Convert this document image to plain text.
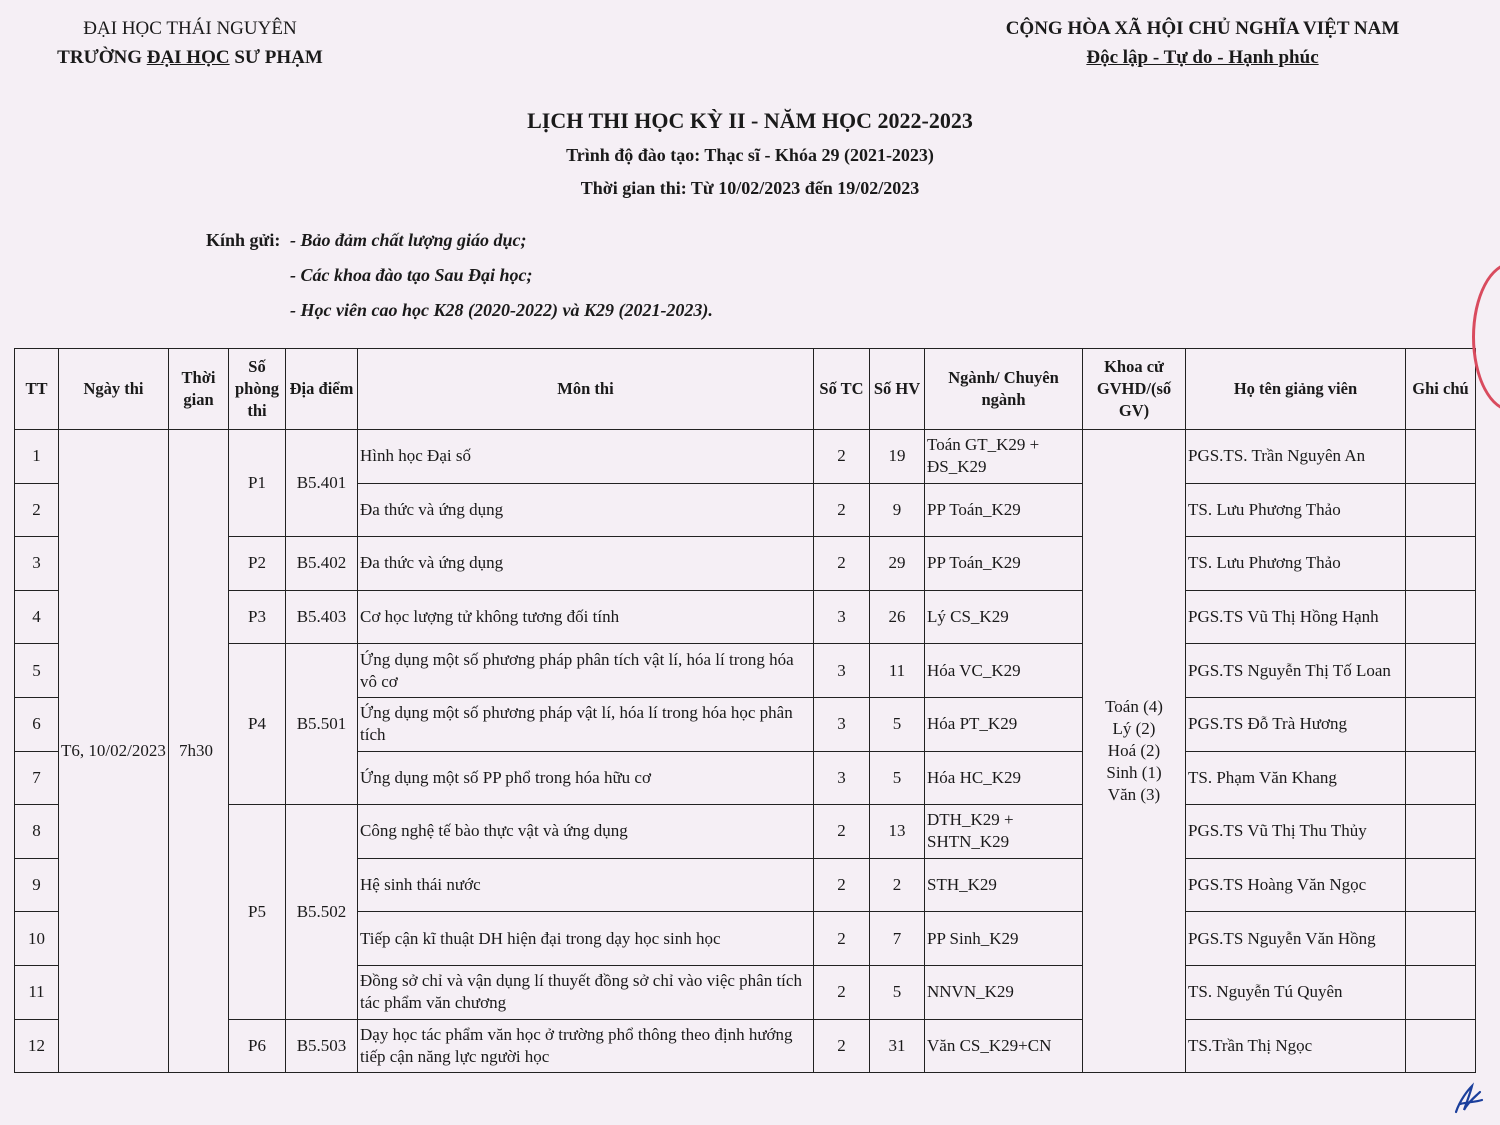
ĐẠI HỌC THÁI NGUYÊN
TRƯỜNG ĐẠI HỌC SƯ PHẠM
CỘNG HÒA XÃ HỘI CHỦ NGHĨA VIỆT NAM
Độc lập - Tự do - Hạnh phúc
LỊCH THI HỌC KỲ II - NĂM HỌC 2022-2023
Trình độ đào tạo: Thạc sĩ - Khóa 29 (2021-2023)
Thời gian thi: Từ 10/02/2023 đến 19/02/2023
Kính gửi: - Bảo đảm chất lượng giáo dục;
- Các khoa đào tạo Sau Đại học;
- Học viên cao học K28 (2020-2022) và K29 (2021-2023).
TT	Ngày thi	Thời gian	Số phòng thi	Địa điểm	Môn thi	Số TC	Số HV	Ngành/ Chuyên ngành	Khoa cử GVHD/(số GV)	Họ tên giảng viên	Ghi chú
1	T6, 10/02/2023	7h30	P1	B5.401	Hình học Đại số	2	19	Toán GT_K29 + ĐS_K29	Toán (4)
Lý (2)
Hoá (2)
Sinh (1)
Văn (3)	PGS.TS. Trần Nguyên An	
2					Đa thức và ứng dụng	2	9	PP Toán_K29		TS. Lưu Phương Thảo	
3			P2	B5.402	Đa thức và ứng dụng	2	29	PP Toán_K29		TS. Lưu Phương Thảo	
4			P3	B5.403	Cơ học lượng tử không tương đối tính	3	26	Lý CS_K29		PGS.TS Vũ Thị Hồng Hạnh	
5			P4	B5.501	Ứng dụng một số phương pháp phân tích vật lí, hóa lí trong hóa vô cơ	3	11	Hóa VC_K29		PGS.TS Nguyễn Thị Tố Loan	
6					Ứng dụng một số phương pháp vật lí, hóa lí trong hóa học phân tích	3	5	Hóa PT_K29		PGS.TS Đỗ Trà Hương	
7					Ứng dụng một số PP phổ trong hóa hữu cơ	3	5	Hóa HC_K29		TS. Phạm Văn Khang	
8			P5	B5.502	Công nghệ tế bào thực vật và ứng dụng	2	13	DTH_K29 + SHTN_K29		PGS.TS Vũ Thị Thu Thủy	
9					Hệ sinh thái nước	2	2	STH_K29		PGS.TS Hoàng Văn Ngọc	
10					Tiếp cận kĩ thuật DH hiện đại trong dạy học sinh học	2	7	PP Sinh_K29		PGS.TS Nguyễn Văn Hồng	
11					Đồng sở chỉ và vận dụng lí thuyết đồng sở chỉ vào việc phân tích tác phẩm văn chương	2	5	NNVN_K29		TS. Nguyễn Tú Quyên	
12			P6	B5.503	Dạy học tác phẩm văn học ở trường phổ thông theo định hướng tiếp cận năng lực người học	2	31	Văn CS_K29+CN		TS.Trần Thị Ngọc	
